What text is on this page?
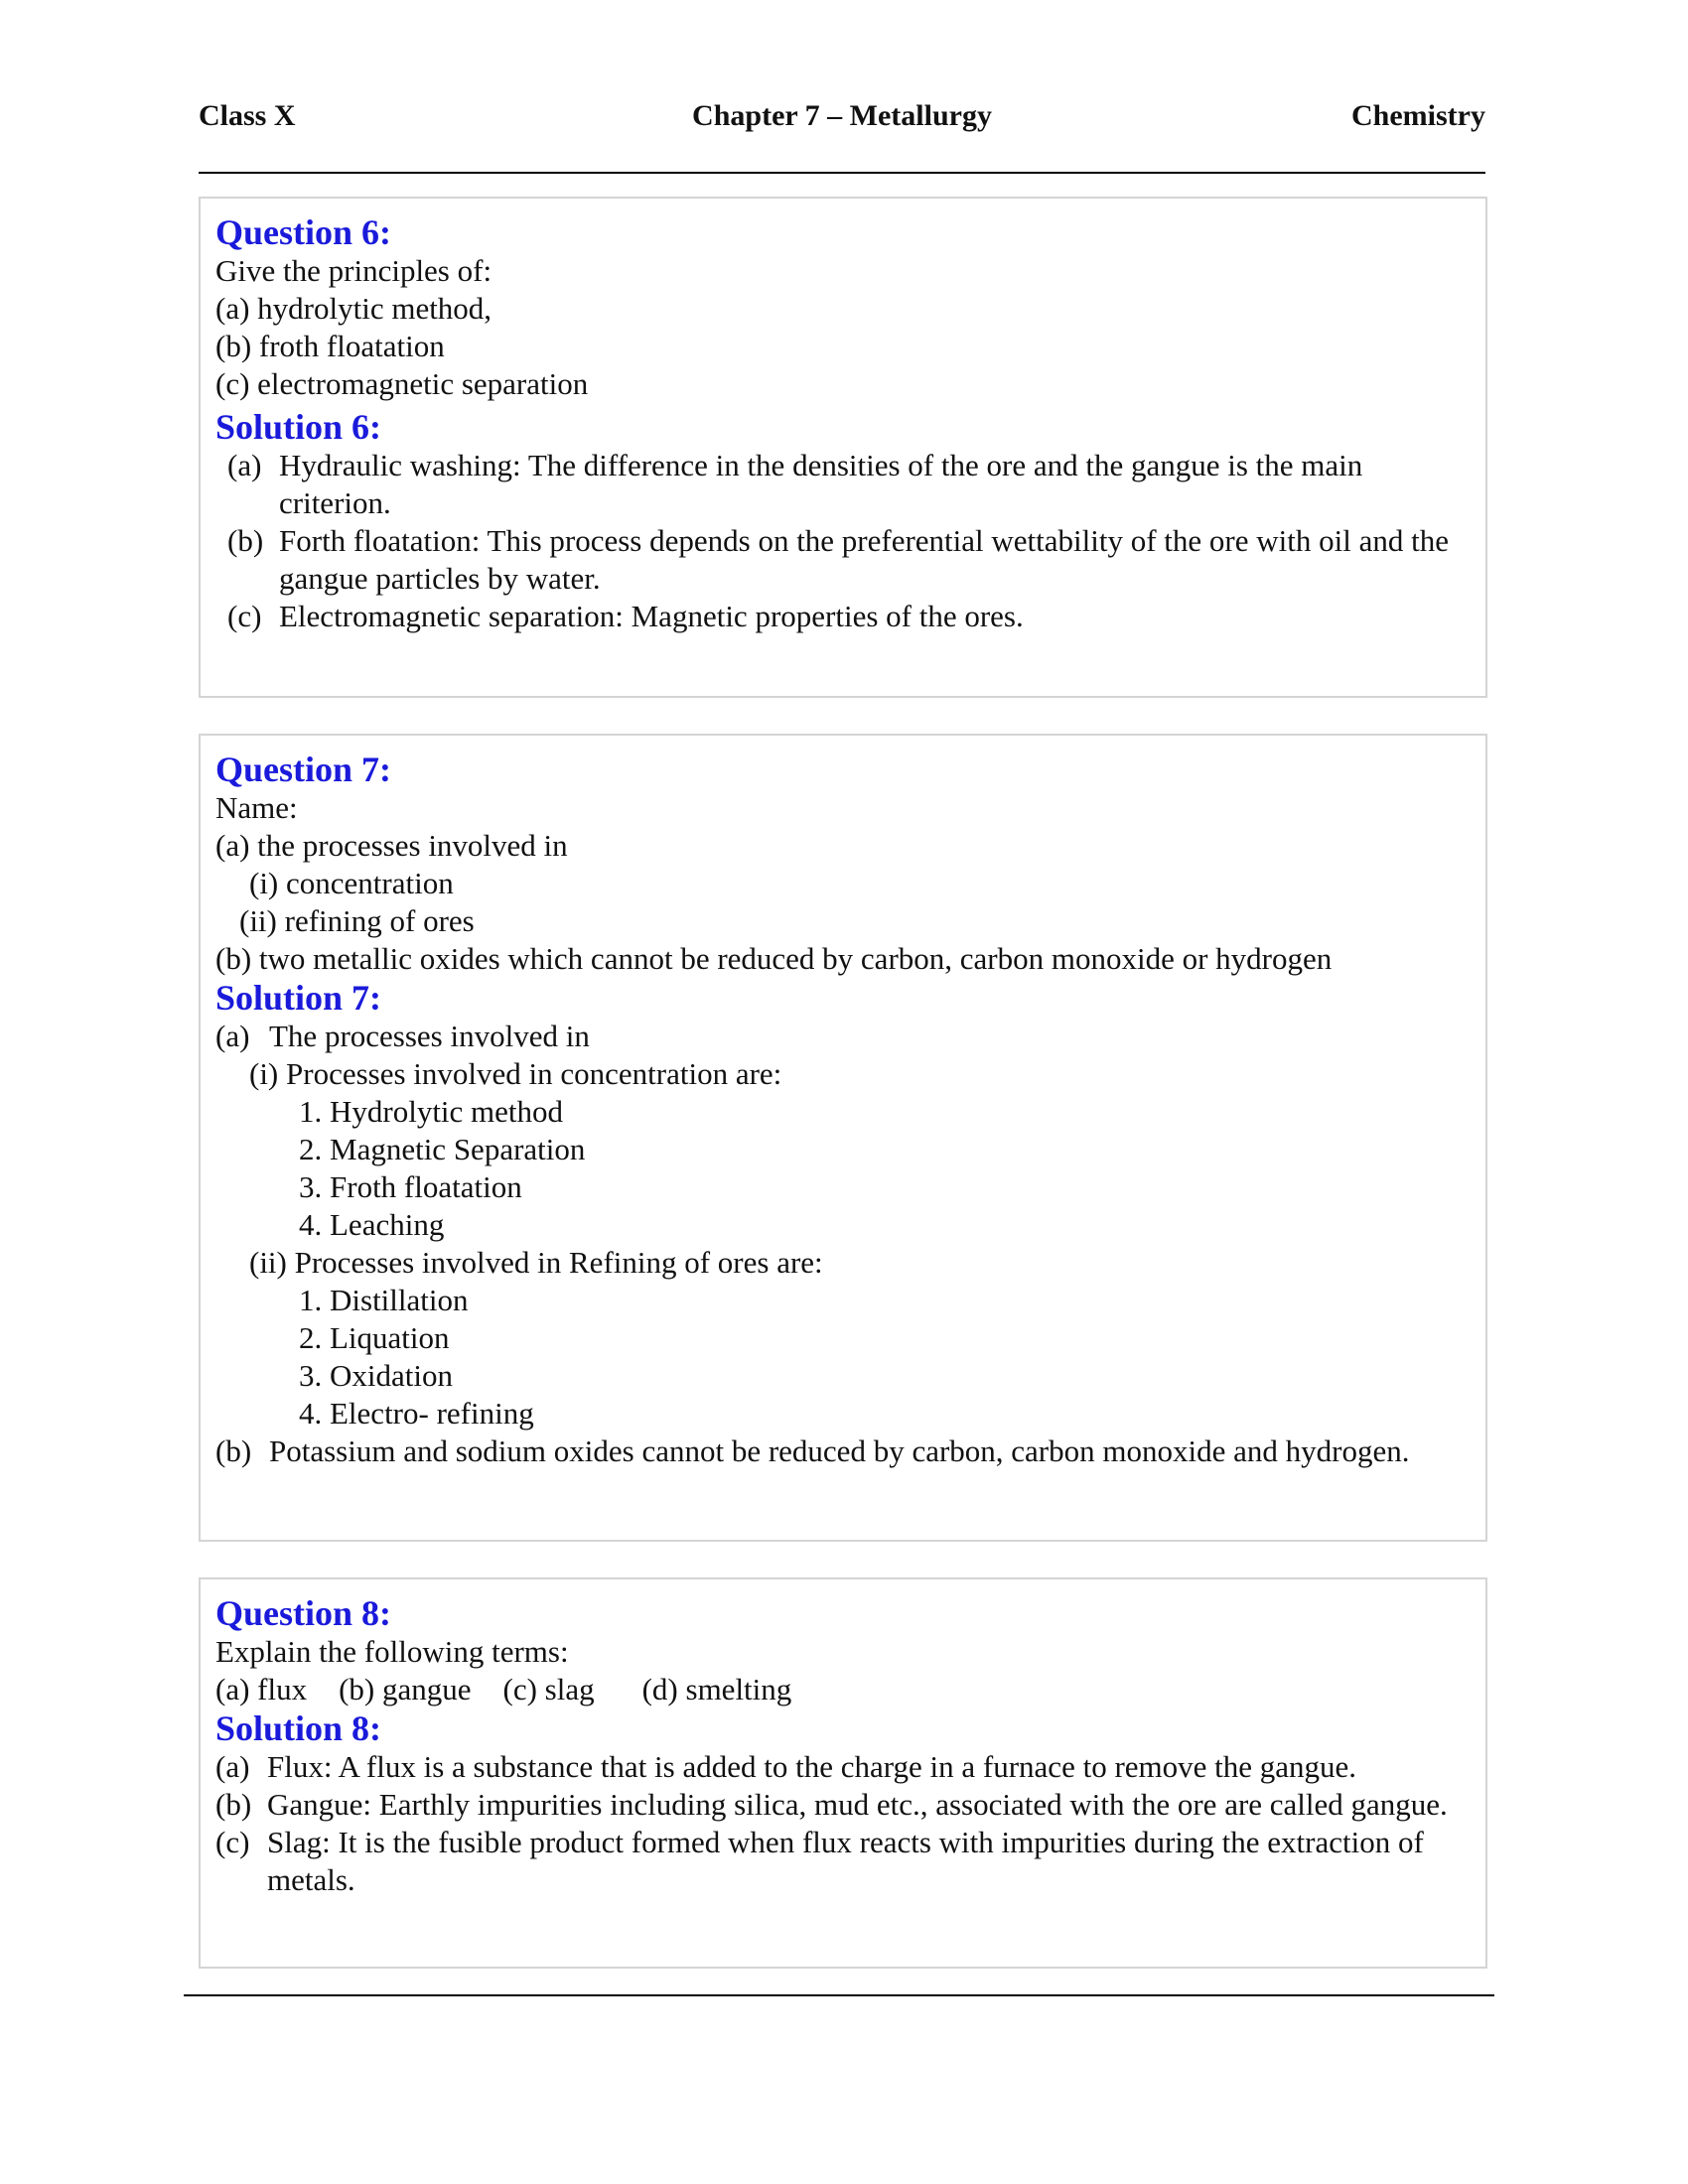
Class X	Chapter 7 – Metallurgy	Chemistry
Question 6:
Give the principles of:
(a) hydrolytic method,
(b) froth floatation
(c) electromagnetic separation
Solution 6:
(a) Hydraulic washing: The difference in the densities of the ore and the gangue is the main criterion.
(b) Forth floatation: This process depends on the preferential wettability of the ore with oil and the gangue particles by water.
(c) Electromagnetic separation: Magnetic properties of the ores.
Question 7:
Name:
(a) the processes involved in
(i) concentration
(ii) refining of ores
(b) two metallic oxides which cannot be reduced by carbon, carbon monoxide or hydrogen
Solution 7:
(a) The processes involved in
(i) Processes involved in concentration are:
1. Hydrolytic method
2. Magnetic Separation
3. Froth floatation
4. Leaching
(ii) Processes involved in Refining of ores are:
1. Distillation
2. Liquation
3. Oxidation
4. Electro- refining
(b) Potassium and sodium oxides cannot be reduced by carbon, carbon monoxide and hydrogen.
Question 8:
Explain the following terms:
(a) flux (b) gangue (c) slag (d) smelting
Solution 8:
(a) Flux: A flux is a substance that is added to the charge in a furnace to remove the gangue.
(b) Gangue: Earthly impurities including silica, mud etc., associated with the ore are called gangue.
(c) Slag: It is the fusible product formed when flux reacts with impurities during the extraction of metals.
